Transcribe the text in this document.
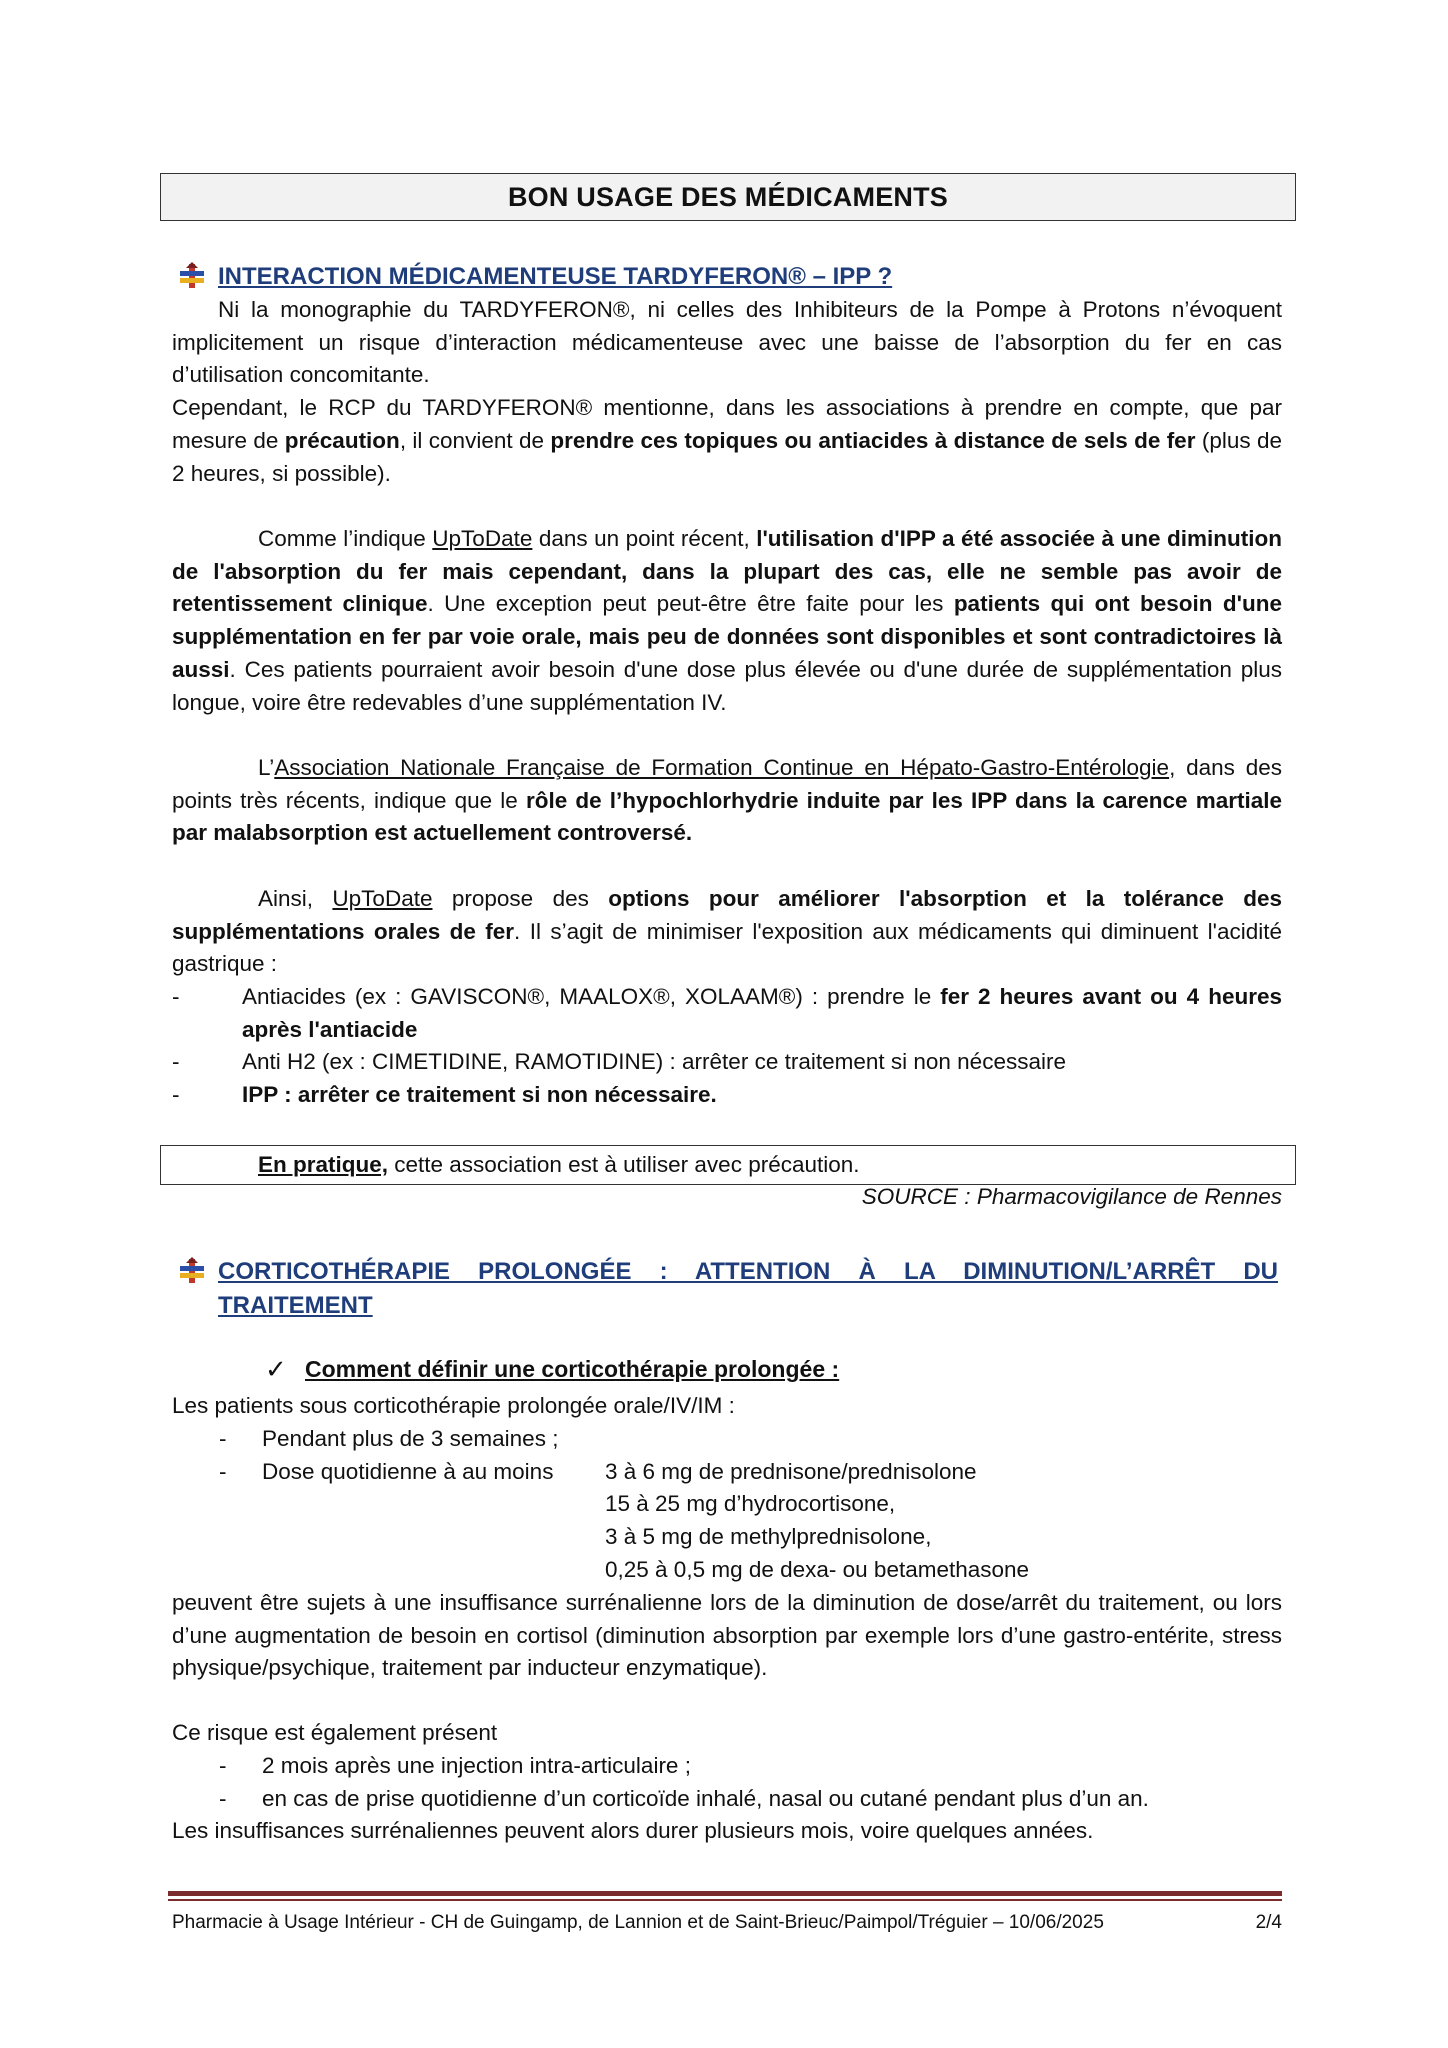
BON USAGE DES MÉDICAMENTS
INTERACTION MÉDICAMENTEUSE TARDYFERON® – IPP ?

Ni la monographie du TARDYFERON®, ni celles des Inhibiteurs de la Pompe à Protons n’évoquent implicitement un risque d’interaction médicamenteuse avec une baisse de l’absorption du fer en cas d’utilisation concomitante.

Cependant, le RCP du TARDYFERON® mentionne, dans les associations à prendre en compte, que par mesure de précaution, il convient de prendre ces topiques ou antiacides à distance de sels de fer (plus de 2 heures, si possible).

Comme l’indique UpToDate dans un point récent, l'utilisation d'IPP a été associée à une diminution de l'absorption du fer mais cependant, dans la plupart des cas, elle ne semble pas avoir de retentissement clinique. Une exception peut peut-être être faite pour les patients qui ont besoin d'une supplémentation en fer par voie orale, mais peu de données sont disponibles et sont contradictoires là aussi. Ces patients pourraient avoir besoin d'une dose plus élevée ou d'une durée de supplémentation plus longue, voire être redevables d’une supplémentation IV.

L’Association Nationale Française de Formation Continue en Hépato-Gastro-Entérologie, dans des points très récents, indique que le rôle de l’hypochlorhydrie induite par les IPP dans la carence martiale par malabsorption est actuellement controversé.

Ainsi, UpToDate propose des options pour améliorer l'absorption et la tolérance des supplémentations orales de fer. Il s’agit de minimiser l'exposition aux médicaments qui diminuent l'acidité gastrique :

-	Antiacides (ex : GAVISCON®, MAALOX®, XOLAAM®) : prendre le fer 2 heures avant ou 4 heures après l'antiacide
-	Anti H2 (ex : CIMETIDINE, RAMOTIDINE) : arrêter ce traitement si non nécessaire
-	IPP : arrêter ce traitement si non nécessaire.
En pratique, cette association est à utiliser avec précaution.
SOURCE : Pharmacovigilance de Rennes
CORTICOTHÉRAPIE PROLONGÉE : ATTENTION À LA DIMINUTION/L’ARRÊT DU
TRAITEMENT
✓ Comment définir une corticothérapie prolongée :
Les patients sous corticothérapie prolongée orale/IV/IM :
- Pendant plus de 3 semaines ;
- Dose quotidienne à au moins 3 à 6 mg de prednisone/prednisolone
15 à 25 mg d’hydrocortisone,
3 à 5 mg de methylprednisolone,
0,25 à 0,5 mg de dexa- ou betamethasone
peuvent être sujets à une insuffisance surrénalienne lors de la diminution de dose/arrêt du traitement, ou lors d’une augmentation de besoin en cortisol (diminution absorption par exemple lors d’une gastro-entérite, stress physique/psychique, traitement par inducteur enzymatique).
Ce risque est également présent
- 2 mois après une injection intra-articulaire ;
- en cas de prise quotidienne d’un corticoïde inhalé, nasal ou cutané pendant plus d’un an.
Les insuffisances surrénaliennes peuvent alors durer plusieurs mois, voire quelques années.
Pharmacie à Usage Intérieur - CH de Guingamp, de Lannion et de Saint-Brieuc/Paimpol/Tréguier – 10/06/2025	2/4
